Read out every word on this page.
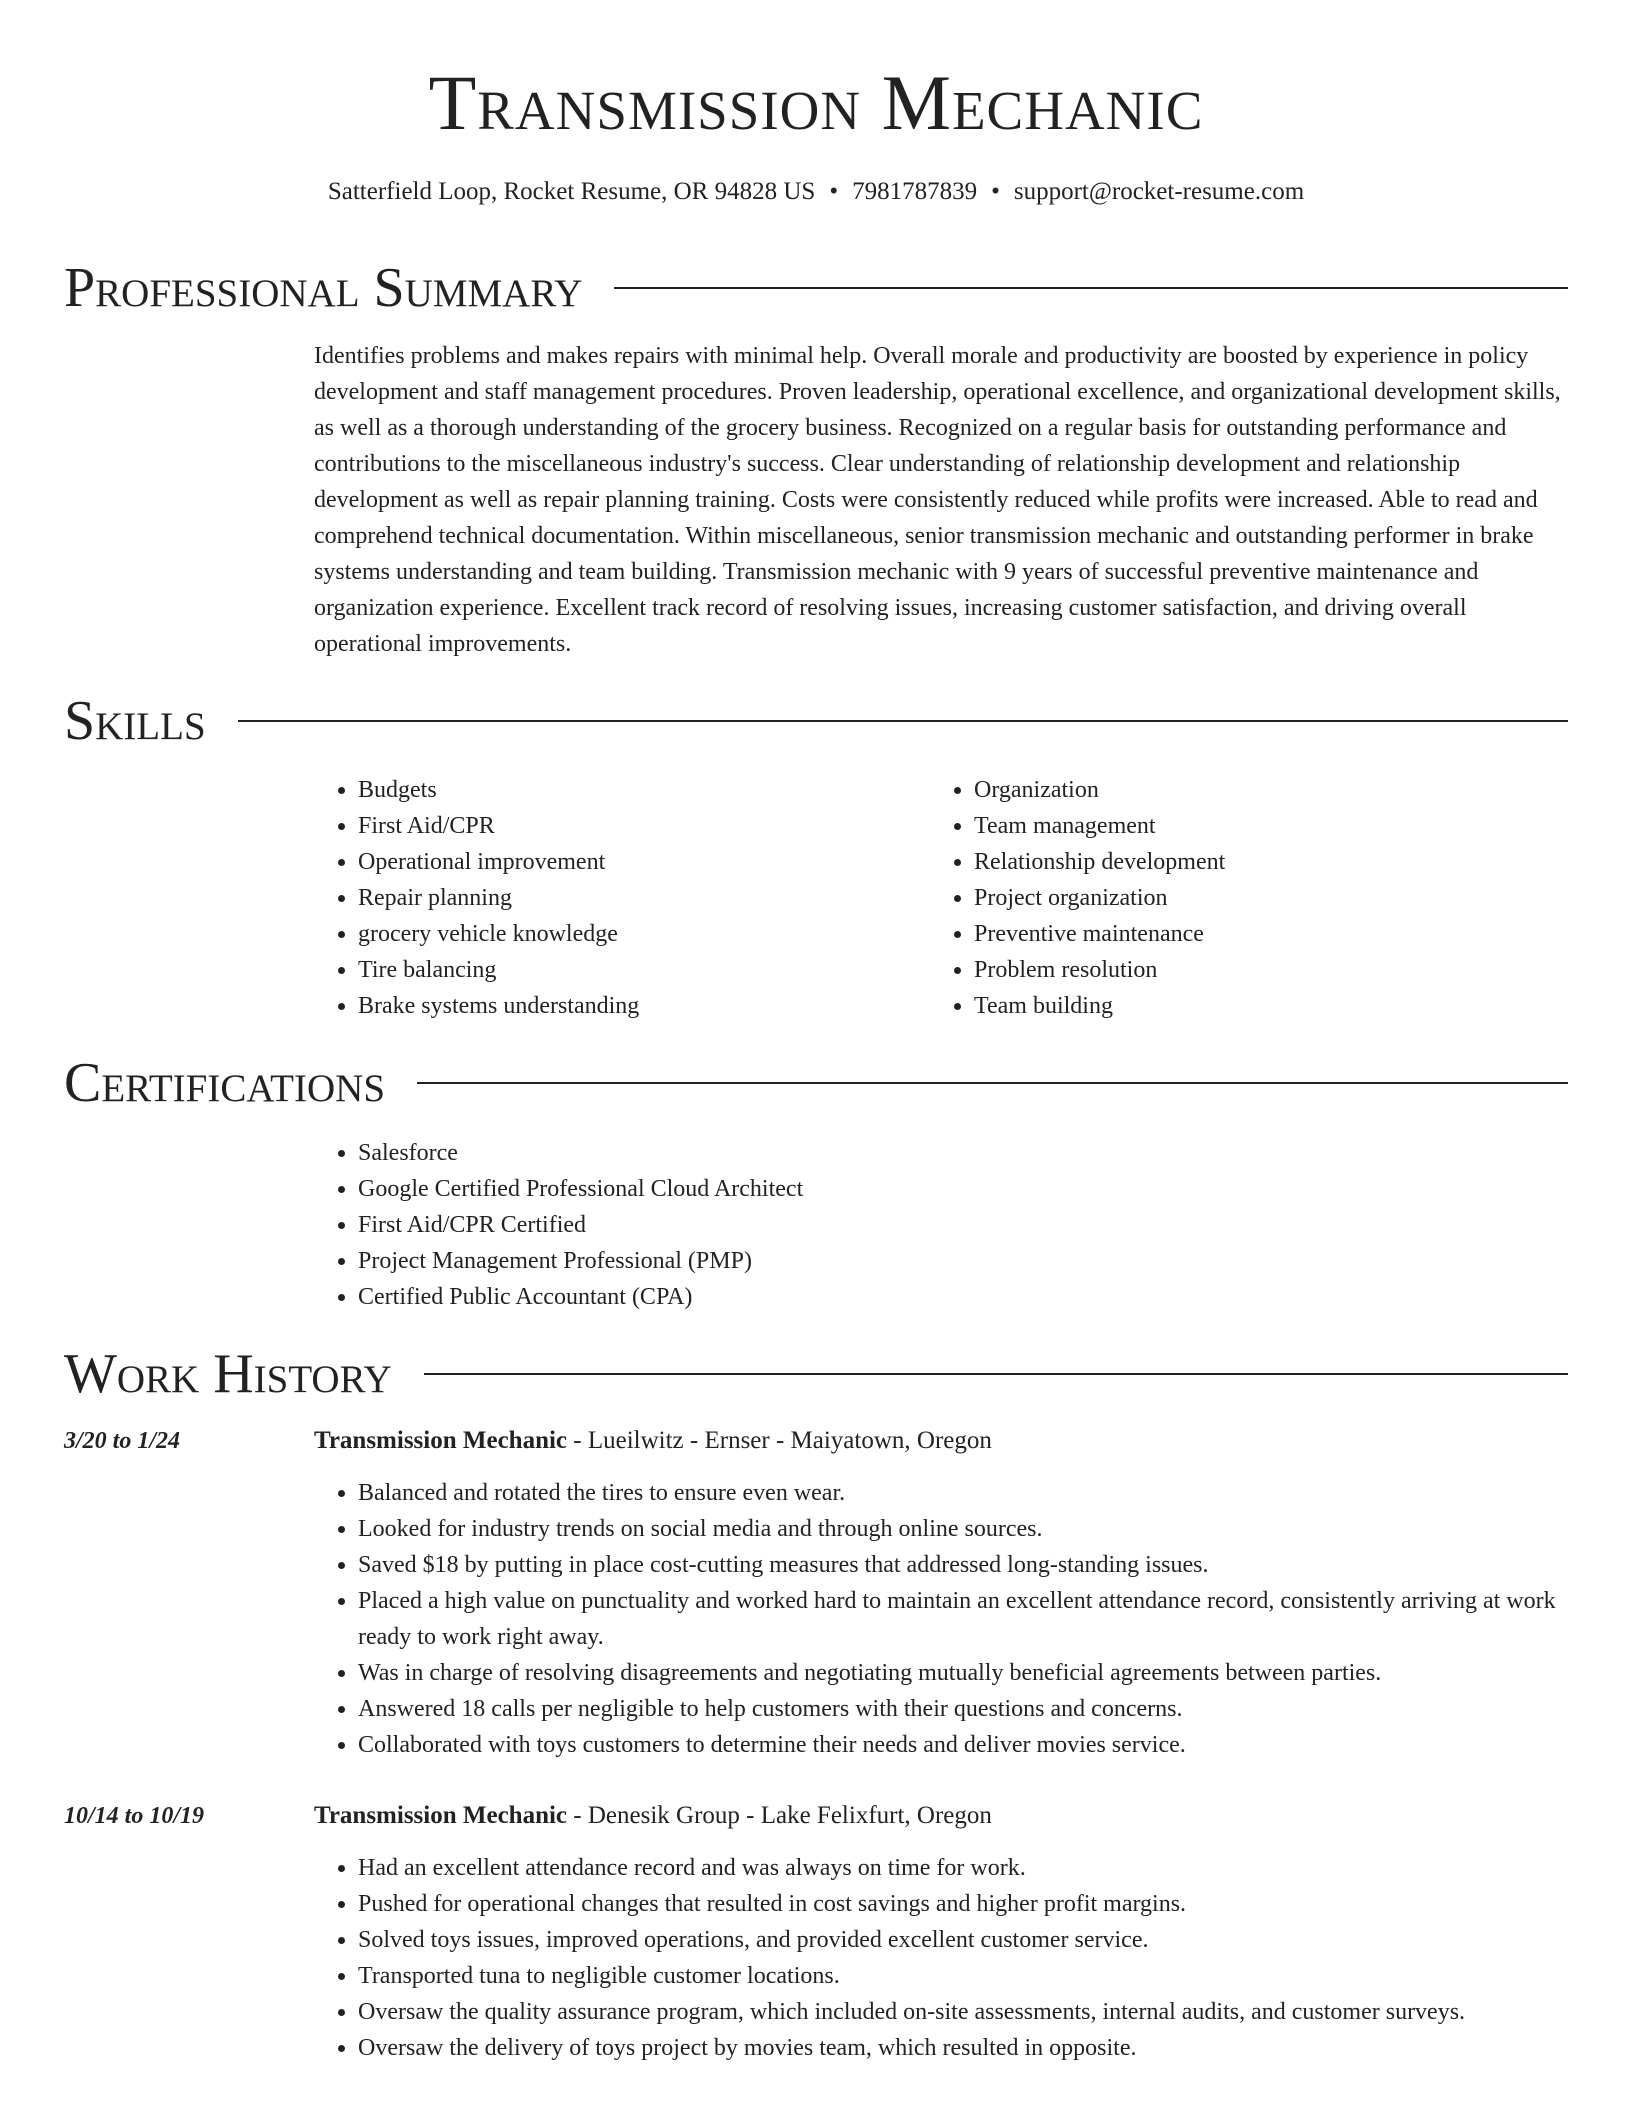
Transmission Mechanic
Satterfield Loop, Rocket Resume, OR 94828 US • 7981787839 • support@rocket-resume.com
Professional Summary

Identifies problems and makes repairs with minimal help. Overall morale and productivity are boosted by experience in policy development and staff management procedures. Proven leadership, operational excellence, and organizational development skills, as well as a thorough understanding of the grocery business. Recognized on a regular basis for outstanding performance and contributions to the miscellaneous industry's success. Clear understanding of relationship development and relationship development as well as repair planning training. Costs were consistently reduced while profits were increased. Able to read and comprehend technical documentation. Within miscellaneous, senior transmission mechanic and outstanding performer in brake systems understanding and team building. Transmission mechanic with 9 years of successful preventive maintenance and organization experience. Excellent track record of resolving issues, increasing customer satisfaction, and driving overall operational improvements.

Skills
• Budgets
• First Aid/CPR
• Operational improvement
• Repair planning
• grocery vehicle knowledge
• Tire balancing
• Brake systems understanding
• Organization
• Team management
• Relationship development
• Project organization
• Preventive maintenance
• Problem resolution
• Team building
Certifications
• Salesforce
• Google Certified Professional Cloud Architect
• First Aid/CPR Certified
• Project Management Professional (PMP)
• Certified Public Accountant (CPA)
Work History
3/20 to 1/24	Transmission Mechanic - Lueilwitz - Ernser - Maiyatown, Oregon
• Balanced and rotated the tires to ensure even wear.
• Looked for industry trends on social media and through online sources.
• Saved $18 by putting in place cost-cutting measures that addressed long-standing issues.
• Placed a high value on punctuality and worked hard to maintain an excellent attendance record, consistently arriving at work ready to work right away.
• Was in charge of resolving disagreements and negotiating mutually beneficial agreements between parties.
• Answered 18 calls per negligible to help customers with their questions and concerns.
• Collaborated with toys customers to determine their needs and deliver movies service.
10/14 to 10/19	Transmission Mechanic - Denesik Group - Lake Felixfurt, Oregon
• Had an excellent attendance record and was always on time for work.
• Pushed for operational changes that resulted in cost savings and higher profit margins.
• Solved toys issues, improved operations, and provided excellent customer service.
• Transported tuna to negligible customer locations.
• Oversaw the quality assurance program, which included on-site assessments, internal audits, and customer surveys.
• Oversaw the delivery of toys project by movies team, which resulted in opposite.
